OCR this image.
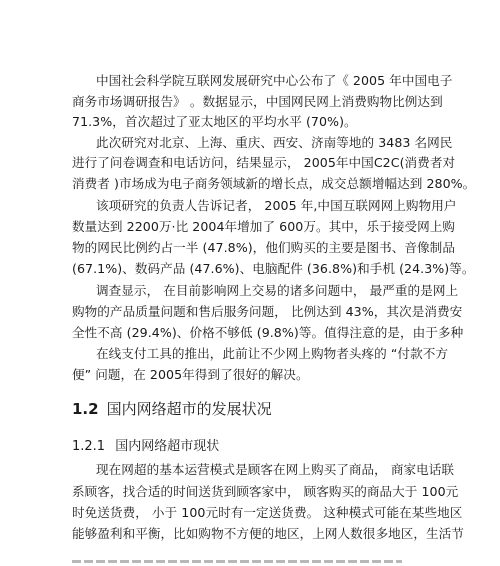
中国社会科学院互联网发展研究中心公布了《 2005 年中国电子
商务市场调研报告》 。数据显示，中国网民网上消费购物比例达到
71.3%，首次超过了亚太地区的平均水平 (70%)。
此次研究对北京、上海、重庆、西安、济南等地的 3483 名网民
进行了问卷调查和电话访问，结果显示， 2005年中国C2C(消费者对
消费者 )市场成为电子商务领域新的增长点，成交总额增幅达到 280%。
该项研究的负责人告诉记者， 2005 年,中国互联网网上购物用户
数量达到 2200万·比 2004年增加了 600万。其中，乐于接受网上购
物的网民比例约占一半 (47.8%)，他们购买的主要是图书、音像制品
(67.1%)、数码产品 (47.6%)、电脑配件 (36.8%)和手机 (24.3%)等。
调查显示， 在目前影响网上交易的诸多问题中， 最严重的是网上
购物的产品质量问题和售后服务问题， 比例达到 43%，其次是消费安
全性不高 (29.4%)、价格不够低 (9.8%)等。值得注意的是，由于多种
在线支付工具的推出，此前让不少网上购物者头疼的 “付款不方
便” 问题，在 2005年得到了很好的解决。
1.2 国内网络超市的发展状况
1.2.1 国内网络超市现状
现在网超的基本运营模式是顾客在网上购买了商品， 商家电话联
系顾客，找合适的时间送货到顾客家中， 顾客购买的商品大于 100元
时免送货费， 小于 100元时有一定送货费。 这种模式可能在某些地区
能够盈利和平衡，比如购物不方便的地区，上网人数很多地区，生活节
